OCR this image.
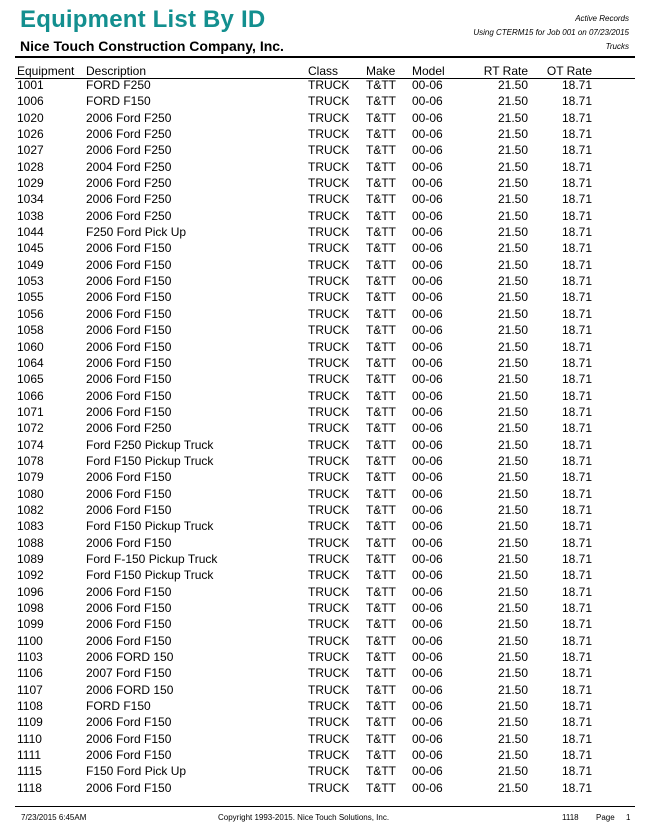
Equipment List By ID
Nice Touch Construction Company, Inc.
Active Records
Using CTERM15 for Job 001 on 07/23/2015
Trucks
Equipment Description	Class Make Model	RT Rate OT Rate
1001	FORD F250	TRUCK T&TT 00-06	21.50	18.71
1006	FORD F150	TRUCK T&TT 00-06	21.50	18.71
1020	2006 Ford F250	TRUCK T&TT 00-06	21.50	18.71
1026	2006 Ford F250	TRUCK T&TT 00-06	21.50	18.71
1027	2006 Ford F250	TRUCK T&TT 00-06	21.50	18.71
1028	2004 Ford F250	TRUCK T&TT 00-06	21.50	18.71
1029	2006 Ford F250	TRUCK T&TT 00-06	21.50	18.71
1034	2006 Ford F250	TRUCK T&TT 00-06	21.50	18.71
1038	2006 Ford F250	TRUCK T&TT 00-06	21.50	18.71
1044	F250 Ford Pick Up	TRUCK T&TT 00-06	21.50	18.71
1045	2006 Ford F150	TRUCK T&TT 00-06	21.50	18.71
1049	2006 Ford F150	TRUCK T&TT 00-06	21.50	18.71
1053	2006 Ford F150	TRUCK T&TT 00-06	21.50	18.71
1055	2006 Ford F150	TRUCK T&TT 00-06	21.50	18.71
1056	2006 Ford F150	TRUCK T&TT 00-06	21.50	18.71
1058	2006 Ford F150	TRUCK T&TT 00-06	21.50	18.71
1060	2006 Ford F150	TRUCK T&TT 00-06	21.50	18.71
1064	2006 Ford F150	TRUCK T&TT 00-06	21.50	18.71
1065	2006 Ford F150	TRUCK T&TT 00-06	21.50	18.71
1066	2006 Ford F150	TRUCK T&TT 00-06	21.50	18.71
1071	2006 Ford F150	TRUCK T&TT 00-06	21.50	18.71
1072	2006 Ford F250	TRUCK T&TT 00-06	21.50	18.71
1074	Ford F250 Pickup Truck	TRUCK T&TT 00-06	21.50	18.71
1078	Ford F150 Pickup Truck	TRUCK T&TT 00-06	21.50	18.71
1079	2006 Ford F150	TRUCK T&TT 00-06	21.50	18.71
1080	2006 Ford F150	TRUCK T&TT 00-06	21.50	18.71
1082	2006 Ford F150	TRUCK T&TT 00-06	21.50	18.71
1083	Ford F150 Pickup Truck	TRUCK T&TT 00-06	21.50	18.71
1088	2006 Ford F150	TRUCK T&TT 00-06	21.50	18.71
1089	Ford F-150 Pickup Truck	TRUCK T&TT 00-06	21.50	18.71
1092	Ford F150 Pickup Truck	TRUCK T&TT 00-06	21.50	18.71
1096	2006 Ford F150	TRUCK T&TT 00-06	21.50	18.71
1098	2006 Ford F150	TRUCK T&TT 00-06	21.50	18.71
1099	2006 Ford F150	TRUCK T&TT 00-06	21.50	18.71
1100	2006 Ford F150	TRUCK T&TT 00-06	21.50	18.71
1103	2006 FORD 150	TRUCK T&TT 00-06	21.50	18.71
1106	2007 Ford F150	TRUCK T&TT 00-06	21.50	18.71
1107	2006 FORD 150	TRUCK T&TT 00-06	21.50	18.71
1108	FORD F150	TRUCK T&TT 00-06	21.50	18.71
1109	2006 Ford F150	TRUCK T&TT 00-06	21.50	18.71
1110	2006 Ford F150	TRUCK T&TT 00-06	21.50	18.71
1111	2006 Ford F150	TRUCK T&TT 00-06	21.50	18.71
1115	F150 Ford Pick Up	TRUCK T&TT 00-06	21.50	18.71
1118	2006 Ford F150	TRUCK T&TT 00-06	21.50	18.71
7/23/2015 6:45AM	Copyright 1993-2015. Nice Touch Solutions, Inc.	1118 Page 1
